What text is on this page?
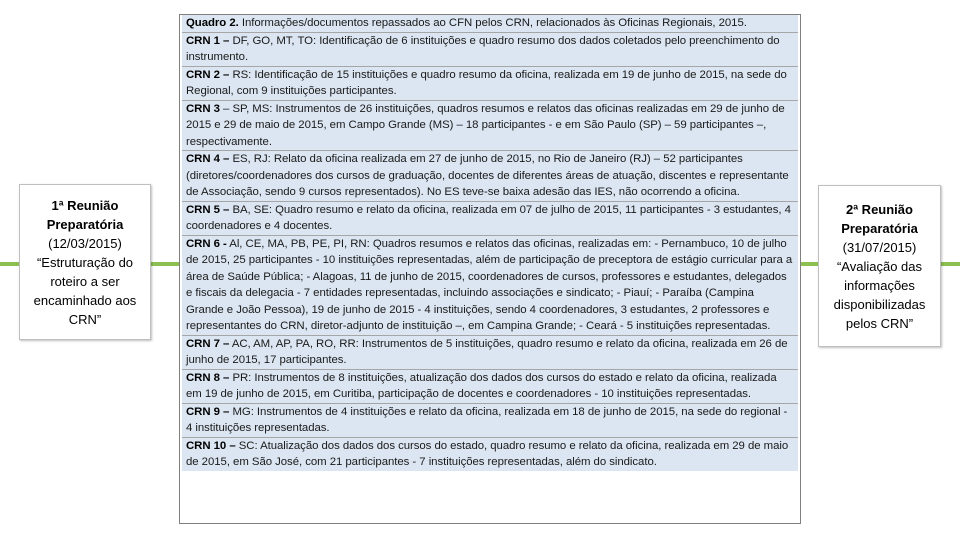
1ª Reunião Preparatória
(12/03/2015)
“Estruturação do roteiro a ser encaminhado aos CRN”
2ª Reunião Preparatória
(31/07/2015)
“Avaliação das informações disponibilizadas pelos CRN”
Quadro 2. Informações/documentos repassados ao CFN pelos CRN, relacionados às Oficinas Regionais, 2015.
CRN 1 – DF, GO, MT, TO: Identificação de 6 instituições e quadro resumo dos dados coletados pelo preenchimento do instrumento.
CRN 2 – RS: Identificação de 15 instituições e quadro resumo da oficina, realizada em 19 de junho de 2015, na sede do Regional, com 9 instituições participantes.
CRN 3 – SP, MS: Instrumentos de 26 instituições, quadros resumos e relatos das oficinas realizadas em 29 de junho de 2015 e 29 de maio de 2015, em Campo Grande (MS) – 18 participantes - e em São Paulo (SP) – 59 participantes –, respectivamente.
CRN 4 – ES, RJ: Relato da oficina realizada em 27 de junho de 2015, no Rio de Janeiro (RJ) – 52 participantes (diretores/coordenadores dos cursos de graduação, docentes de diferentes áreas de atuação, discentes e representante de Associação, sendo 9 cursos representados). No ES teve-se baixa adesão das IES, não ocorrendo a oficina.
CRN 5 – BA, SE: Quadro resumo e relato da oficina, realizada em 07 de julho de 2015, 11 participantes - 3 estudantes, 4 coordenadores e 4 docentes.
CRN 6 - Al, CE, MA, PB, PE, PI, RN: Quadros resumos e relatos das oficinas, realizadas em: - Pernambuco, 10 de julho de 2015, 25 participantes - 10 instituições representadas, além de participação de preceptora de estágio curricular para a área de Saúde Pública; - Alagoas, 11 de junho de 2015, coordenadores de cursos, professores e estudantes, delegados e fiscais da delegacia - 7 entidades representadas, incluindo associações e sindicato; - Piauí; - Paraíba (Campina Grande e João Pessoa), 19 de junho de 2015 - 4 instituições, sendo 4 coordenadores, 3 estudantes, 2 professores e representantes do CRN, diretor-adjunto de instituição –, em Campina Grande; - Ceará - 5 instituições representadas.
CRN 7 – AC, AM, AP, PA, RO, RR: Instrumentos de 5 instituições, quadro resumo e relato da oficina, realizada em 26 de junho de 2015, 17 participantes.
CRN 8 – PR: Instrumentos de 8 instituições, atualização dos dados dos cursos do estado e relato da oficina, realizada em 19 de junho de 2015, em Curitiba, participação de docentes e coordenadores - 10 instituições representadas.
CRN 9 – MG: Instrumentos de 4 instituições e relato da oficina, realizada em 18 de junho de 2015, na sede do regional - 4 instituições representadas.
CRN 10 – SC: Atualização dos dados dos cursos do estado, quadro resumo e relato da oficina, realizada em 29 de maio de 2015, em São José, com 21 participantes - 7 instituições representadas, além do sindicato.
